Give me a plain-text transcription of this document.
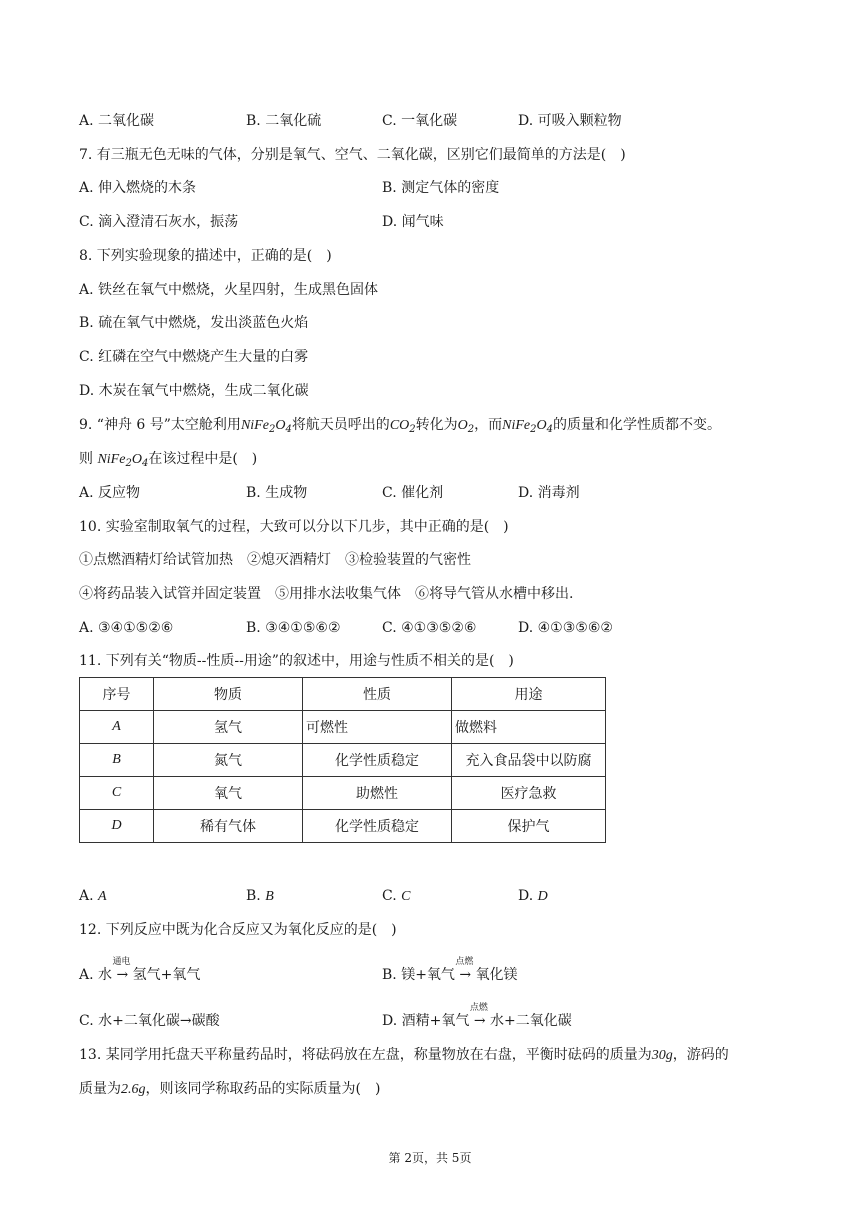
A. 二氧化碳	B. 二氧化硫	C. 一氧化碳	D. 可吸入颗粒物
7. 有三瓶无色无味的气体，分别是氧气、空气、二氧化碳，区别它们最简单的方法是(　)
A. 伸入燃烧的木条	B. 测定气体的密度
C. 滴入澄清石灰水，振荡	D. 闻气味
8. 下列实验现象的描述中，正确的是(　)
A. 铁丝在氧气中燃烧，火星四射，生成黑色固体
B. 硫在氧气中燃烧，发出淡蓝色火焰
C. 红磷在空气中燃烧产生大量的白雾
D. 木炭在氧气中燃烧，生成二氧化碳
9. “神舟 6 号”太空舱利用$NiFe_2O_4$将航天员呼出的$CO_2$转化为$O_2$，而$NiFe_2O_4$的质量和化学性质都不变。
则 $NiFe_2O_4$在该过程中是(　)
A. 反应物	B. 生成物	C. 催化剂	D. 消毒剂
10. 实验室制取氧气的过程，大致可以分以下几步，其中正确的是(　)
①点燃酒精灯给试管加热　②熄灭酒精灯　③检验装置的气密性
④将药品装入试管并固定装置　⑤用排水法收集气体　⑥将导气管从水槽中移出.
A. ③④①⑤②⑥	B. ③④①⑤⑥②	C. ④①③⑤②⑥	D. ④①③⑤⑥②
11. 下列有关“物质--性质--用途”的叙述中，用途与性质不相关的是(　)
序号	物质	性质	用途
A	氢气	可燃性	做燃料
B	氮气	化学性质稳定	充入食品袋中以防腐
C	氧气	助燃性	医疗急救
D	稀有气体	化学性质稳定	保护气
A. A	B. B	C. C	D. D
12. 下列反应中既为化合反应又为氧化反应的是(　)
A. 水
通电
→ 氢气+氧气	B. 镁+氧气
点燃
→ 氧化镁
C. 水+二氧化碳→碳酸	D. 酒精+氧气
点燃
→ 水+二氧化碳
13. 某同学用托盘天平称量药品时，将砝码放在左盘，称量物放在右盘，平衡时砝码的质量为30g，游码的
质量为2.6g，则该同学称取药品的实际质量为(　)
第 2页，共 5页
